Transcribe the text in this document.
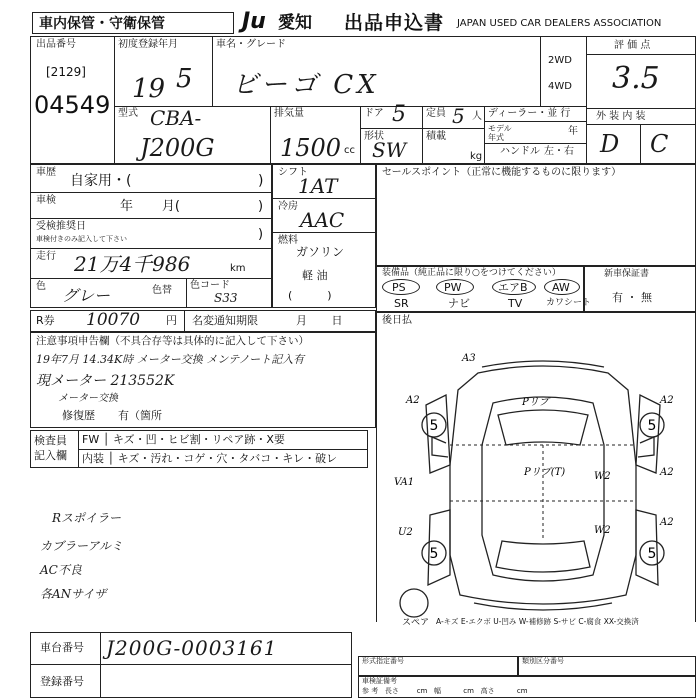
車内保管・守衛保管	Ju 愛知 出品申込書 JAPAN USED CAR DEALERS ASSOCIATION
出品番号
[2129]
04549
初度登録年月
19 5
車名・グレード
ビーゴ CX
2WD
4WD
評 価 点
3.5
外 装 内 装
D C
型式 CBA-
J200G
排気量
1500 cc
ドア 5
形状
SW
定員 5 人
積載
kg
ディーラー・並 行
モデル
年式
年
ハンドル 左・右
車歴
自家用・(	)
車検	年       月(	)
受検推奨日
車検付きのみ記入して下さい	)
走行 21万4千986	km
色 グレー	色替 色コード
S33
シフト
1AT
冷房
AAC
燃料
ガソリン
軽 油
(          )
セールスポイント（正常に機能するものに限ります）
装備品（純正品に限り○をつけてください）
PS	PW	エアB AW
SR	ナビ	TV	カワシート
新車保証書
有 ・ 無
R券 10070 円 名変通知期限	月       日
注意事項申告欄（不具合存等は具体的に記入して下さい）
19年7月 14.34K時 メーター交換 メンテノート記入有
現メーター 213552K
メーター交換
修復歴 有（箇所
検査員
記入欄
FW │ キズ・凹・ヒビ割・リペア跡・X要
内装 │ キズ・汚れ・コゲ・穴・タバコ・キレ・破レ
後日払
Rスポイラー
カブラーアルミ
AC不良
各ANサイザ
5	5
5	5
A3
A2	Pリブ	A2
VA1
W2
Pリブ(T)	A2
U2	W2
A2
スペア A-キズ E-エクボ U-凹み W-補修跡 S-サビ C-腐食 XX-交換済
車台番号 J200G-0003161
登録番号
形式指定番号	類別区分番号
車検証備考
参 考   長さ        cm   幅          cm   高さ          cm
